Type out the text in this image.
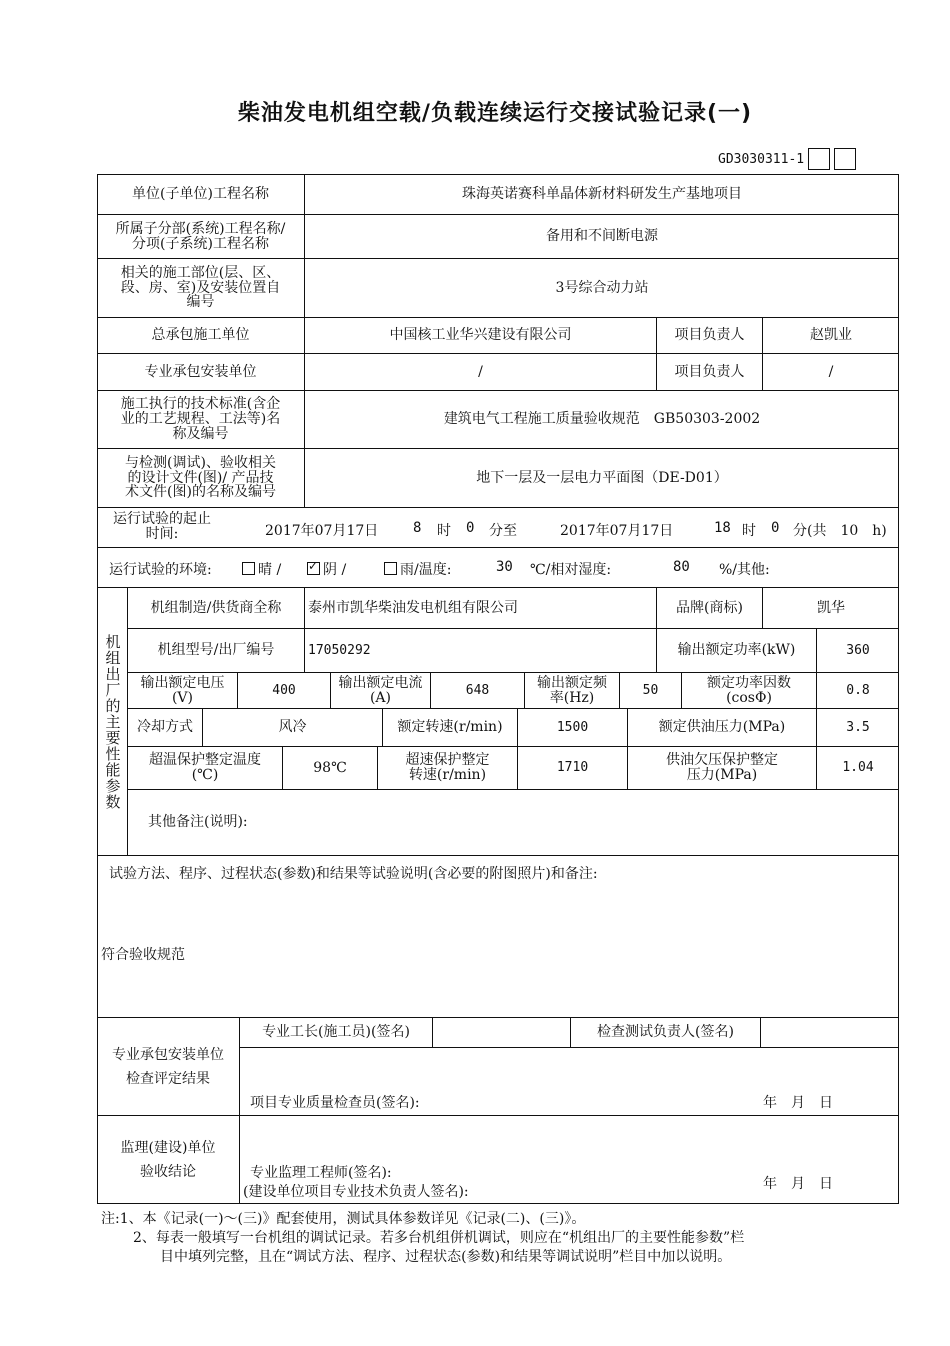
柴油发电机组空载/负载连续运行交接试验记录(一)
GD3030311-1
单位(子单位)工程名称	珠海英诺赛科单晶体新材料研发生产基地项目
所属子分部(系统)工程名称/
分项(子系统)工程名称	备用和不间断电源
相关的施工部位(层、区、
段、房、室)及安装位置自
编号
3号综合动力站
总承包施工单位	中国核工业华兴建设有限公司	项目负责人	赵凯业
专业承包安装单位	/	项目负责人	/
施工执行的技术标准(含企
业的工艺规程、工法等)名
称及编号
建筑电气工程施工质量验收规范　GB50303-2002
与检测(调试)、验收相关
的设计文件(图)/ 产品技
术文件(图)的名称及编号
地下一层及一层电力平面图（DE-D01）
运行试验的起止
时间:	2017年07月17日 8 时 0 分至	2017年07月17日	18 时 0 分(共　10　h)
运行试验的环境:	晴 /
✓	阴 /	雨/温度:	30 ℃/相对湿度:	80 %/其他:
机组出厂的主要性能参数
机组制造/供货商全称	泰州市凯华柴油发电机组有限公司	品牌(商标)	凯华
机组型号/出厂编号	17050292	输出额定功率(kW)	360
输出额定电压
(V)	400	输出额定电流
(A)	648	输出额定频
率(Hz)	50	额定功率因数
(cosΦ)	0.8
冷却方式	风冷	额定转速(r/min)	1500	额定供油压力(MPa)	3.5
超温保护整定温度
(℃)	98℃	超速保护整定
转速(r/min)	1710	供油欠压保护整定
压力(MPa)	1.04
其他备注(说明):
试验方法、程序、过程状态(参数)和结果等试验说明(含必要的附图照片)和备注:
符合验收规范
专业承包安装单位
检查评定结果
专业工长(施工员)(签名)	检查测试负责人(签名)
项目专业质量检查员(签名):	年　月　日
监理(建设)单位
验收结论	专业监理工程师(签名):
(建设单位项目专业技术负责人签名):	年　月　日
注:1、本《记录(一)～(三)》配套使用，测试具体参数详见《记录(二)、(三)》。
2、每表一般填写一台机组的调试记录。若多台机组併机调试，则应在“机组出厂的主要性能参数”栏
目中填列完整，且在“调试方法、程序、过程状态(参数)和结果等调试说明”栏目中加以说明。
